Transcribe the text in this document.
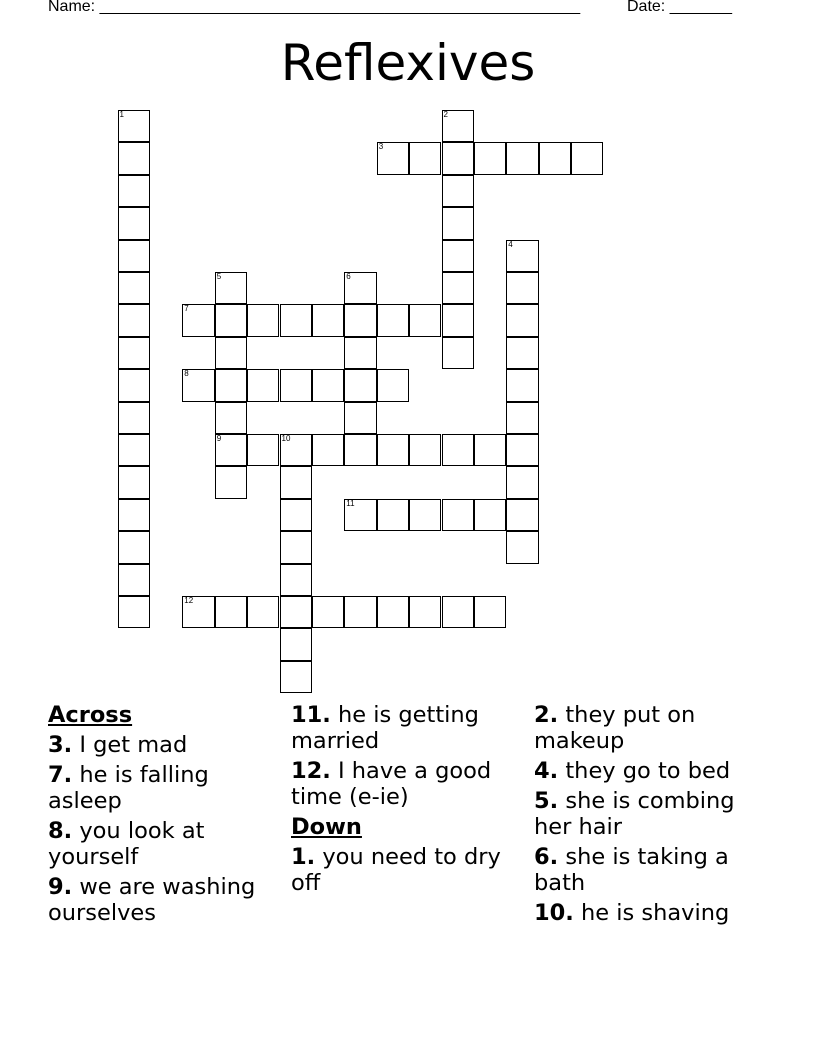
Name: ______________________________________________________	Date: _______
Reflexives
1	2
3
4
5
9
6
7
8
10
11
12
Across
3. I get mad
7. he is falling asleep
8. you look at yourself
9. we are washing ourselves
11. he is getting married
12. I have a good time (e-ie)
Down
1. you need to dry off
2. they put on makeup
4. they go to bed
5. she is combing her hair
6. she is taking a bath
10. he is shaving
